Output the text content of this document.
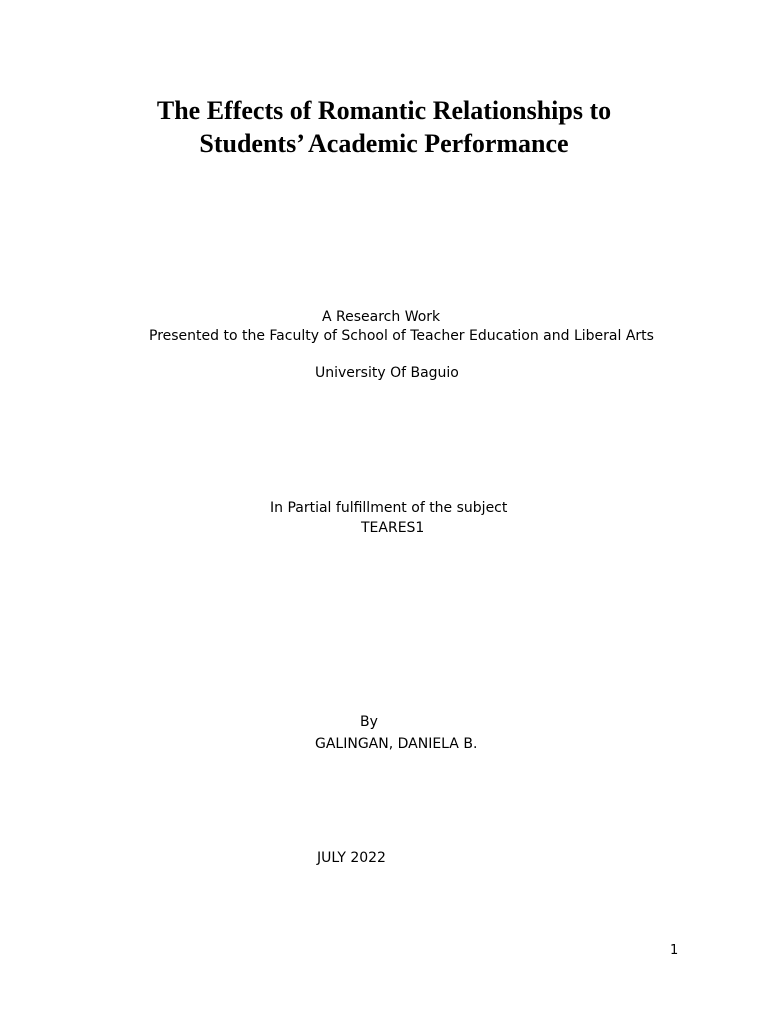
The Effects of Romantic Relationships to
Students’ Academic Performance

A Research Work

Presented to the Faculty of School of Teacher Education and Liberal Arts

University Of Baguio

In Partial fulfillment of the subject

TEARES1

By

GALINGAN, DANIELA B.

JULY 2022

1
